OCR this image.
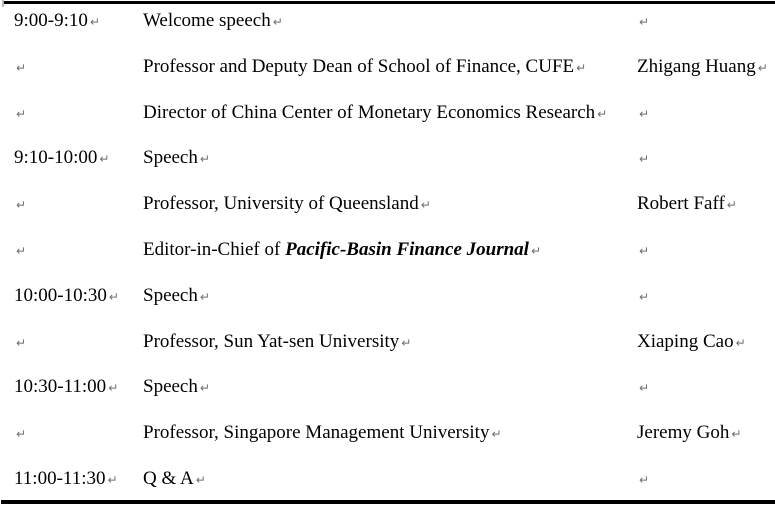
9:00-9:10 ↵	Welcome speech ↵	↵
↵	Professor and Deputy Dean of School of Finance, CUFE ↵	Zhigang Huang ↵
↵	Director of China Center of Monetary Economics Research ↵	↵
9:10-10:00 ↵	Speech ↵	↵
↵	Professor, University of Queensland ↵	Robert Faff ↵
↵	Editor-in-Chief of Pacific-Basin Finance Journal ↵	↵
10:00-10:30 ↵	Speech ↵	↵
↵	Professor, Sun Yat-sen University ↵	Xiaping Cao ↵
10:30-11:00 ↵	Speech ↵	↵
↵	Professor, Singapore Management University ↵	Jeremy Goh ↵
11:00-11:30 ↵	Q & A ↵	↵
